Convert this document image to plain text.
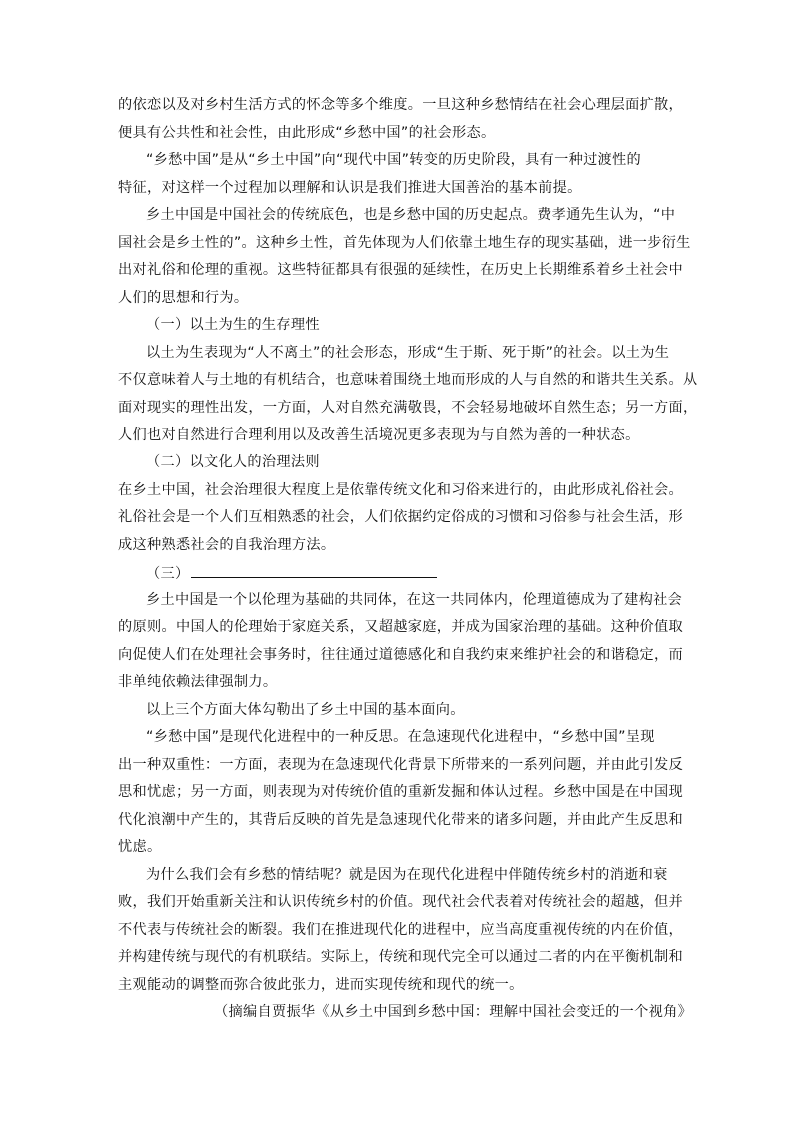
的依恋以及对乡村生活方式的怀念等多个维度。一旦这种乡愁情结在社会心理层面扩散，
便具有公共性和社会性，由此形成“乡愁中国”的社会形态。
“乡愁中国”是从“乡土中国”向“现代中国”转变的历史阶段，具有一种过渡性的
特征，对这样一个过程加以理解和认识是我们推进大国善治的基本前提。
乡土中国是中国社会的传统底色，也是乡愁中国的历史起点。费孝通先生认为，“中
国社会是乡土性的”。这种乡土性，首先体现为人们依靠土地生存的现实基础，进一步衍生
出对礼俗和伦理的重视。这些特征都具有很强的延续性，在历史上长期维系着乡土社会中
人们的思想和行为。
（一）以土为生的生存理性
以土为生表现为“人不离土”的社会形态，形成“生于斯、死于斯”的社会。以土为生
不仅意味着人与土地的有机结合，也意味着围绕土地而形成的人与自然的和谐共生关系。从
面对现实的理性出发，一方面，人对自然充满敬畏，不会轻易地破坏自然生态；另一方面，
人们也对自然进行合理利用以及改善生活境况更多表现为与自然为善的一种状态。
（二）以文化人的治理法则
在乡土中国，社会治理很大程度上是依靠传统文化和习俗来进行的，由此形成礼俗社会。
礼俗社会是一个人们互相熟悉的社会，人们依据约定俗成的习惯和习俗参与社会生活，形
成这种熟悉社会的自我治理方法。
（三）
乡土中国是一个以伦理为基础的共同体，在这一共同体内，伦理道德成为了建构社会
的原则。中国人的伦理始于家庭关系，又超越家庭，并成为国家治理的基础。这种价值取
向促使人们在处理社会事务时，往往通过道德感化和自我约束来维护社会的和谐稳定，而
非单纯依赖法律强制力。
以上三个方面大体勾勒出了乡土中国的基本面向。
“乡愁中国”是现代化进程中的一种反思。在急速现代化进程中，“乡愁中国”呈现
出一种双重性：一方面，表现为在急速现代化背景下所带来的一系列问题，并由此引发反
思和忧虑；另一方面，则表现为对传统价值的重新发掘和体认过程。乡愁中国是在中国现
代化浪潮中产生的，其背后反映的首先是急速现代化带来的诸多问题，并由此产生反思和
忧虑。
为什么我们会有乡愁的情结呢？就是因为在现代化进程中伴随传统乡村的消逝和衰
败，我们开始重新关注和认识传统乡村的价值。现代社会代表着对传统社会的超越，但并
不代表与传统社会的断裂。我们在推进现代化的进程中，应当高度重视传统的内在价值，
并构建传统与现代的有机联结。实际上，传统和现代完全可以通过二者的内在平衡机制和
主观能动的调整而弥合彼此张力，进而实现传统和现代的统一。
（摘编自贾振华《从乡土中国到乡愁中国：理解中国社会变迁的一个视角》
